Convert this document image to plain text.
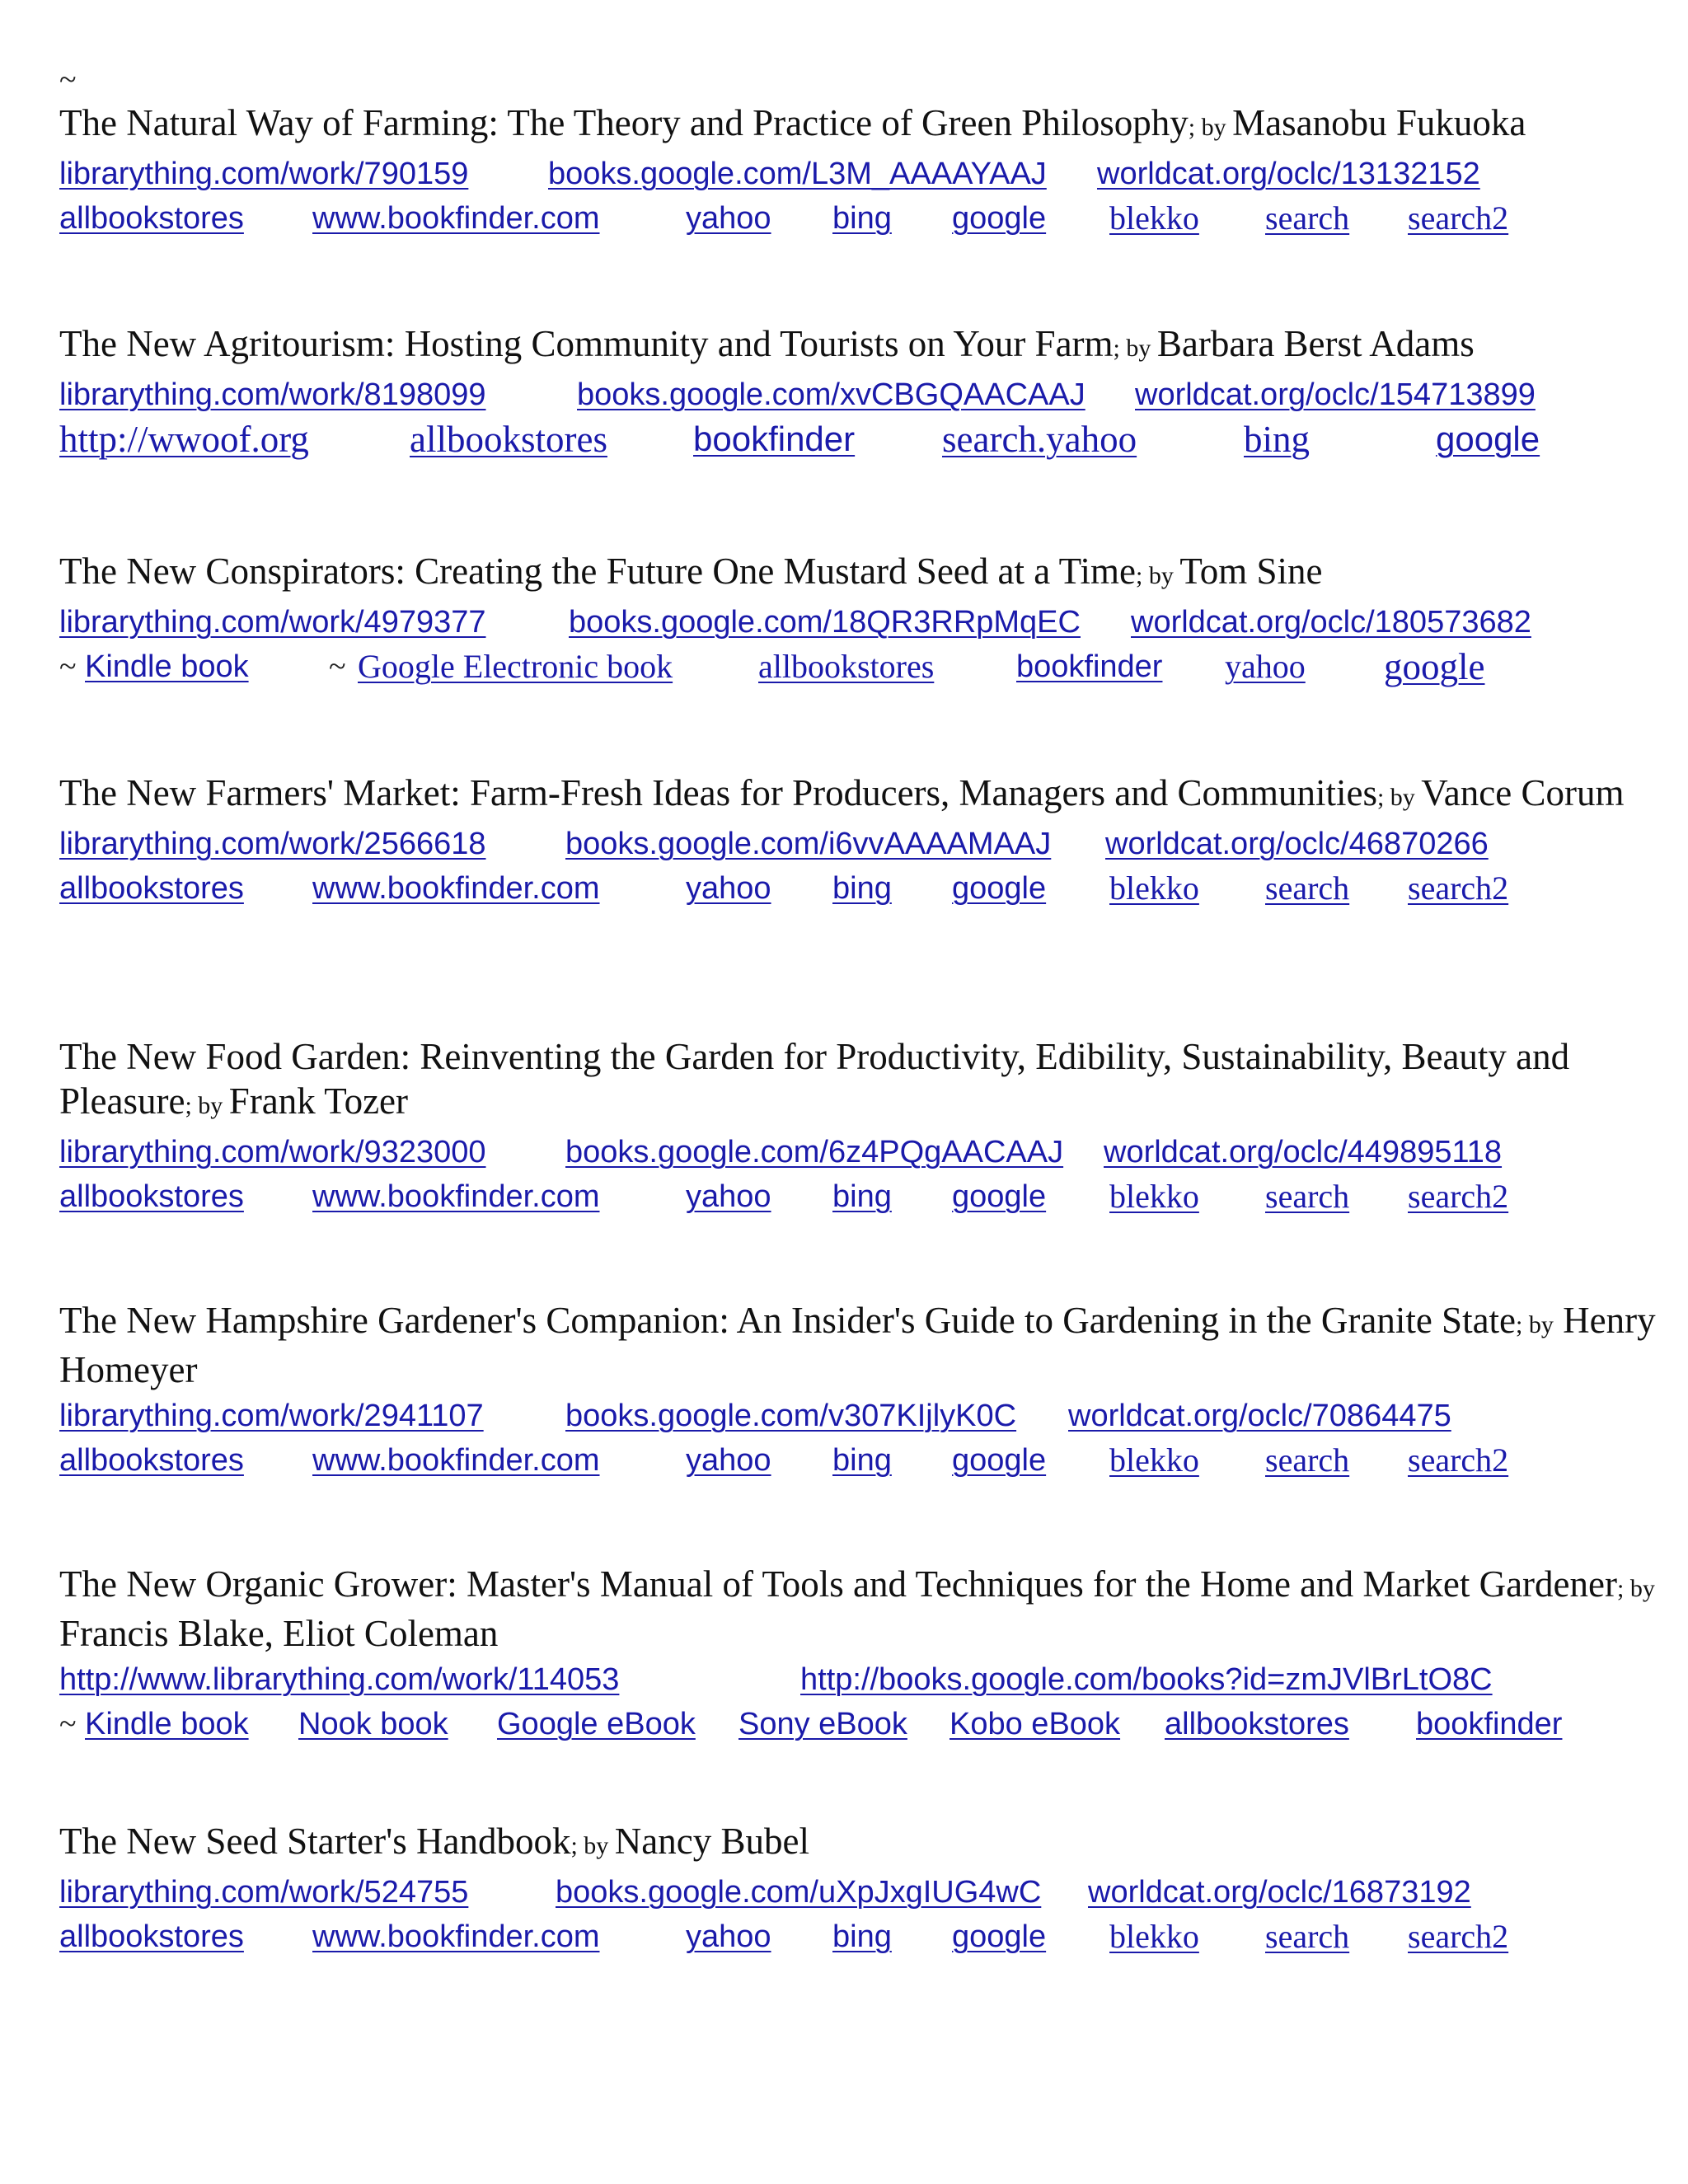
~
The Natural Way of Farming: The Theory and Practice of Green Philosophy; by Masanobu Fukuoka
librarything.com/work/790159	books.google.com/L3M_AAAAYAAJ worldcat.org/oclc/13132152
allbookstores www.bookfinder.com	yahoo bing google blekko search search2
The New Agritourism: Hosting Community and Tourists on Your Farm; by Barbara Berst Adams
librarything.com/work/8198099	books.google.com/xvCBGQAACAAJ worldcat.org/oclc/154713899
http://wwoof.org	allbookstores bookfinder search.yahoo	bing	google
The New Conspirators: Creating the Future One Mustard Seed at a Time; by Tom Sine
librarything.com/work/4979377	books.google.com/18QR3RRpMqEC worldcat.org/oclc/180573682
~ Kindle book	~ Google Electronic book	allbookstores	bookfinder yahoo google
The New Farmers' Market: Farm-Fresh Ideas for Producers, Managers and Communities; by Vance Corum
librarything.com/work/2566618	books.google.com/i6vvAAAAMAAJ worldcat.org/oclc/46870266
allbookstores www.bookfinder.com	yahoo bing google blekko search search2
The New Food Garden: Reinventing the Garden for Productivity, Edibility, Sustainability, Beauty and Pleasure; by Frank Tozer
librarything.com/work/9323000	books.google.com/6z4PQgAACAAJ worldcat.org/oclc/449895118
allbookstores www.bookfinder.com	yahoo bing google blekko search search2
The New Hampshire Gardener's Companion: An Insider's Guide to Gardening in the Granite State; by Henry Homeyer
librarything.com/work/2941107	books.google.com/v307KIjlyK0C worldcat.org/oclc/70864475
allbookstores www.bookfinder.com	yahoo bing google blekko search search2
The New Organic Grower: Master's Manual of Tools and Techniques for the Home and Market Gardener; by Francis Blake, Eliot Coleman
http://www.librarything.com/work/114053	http://books.google.com/books?id=zmJVlBrLtO8C
~ Kindle book Nook book Google eBook Sony eBook Kobo eBook allbookstores bookfinder
The New Seed Starter's Handbook; by Nancy Bubel
librarything.com/work/524755	books.google.com/uXpJxgIUG4wC worldcat.org/oclc/16873192
allbookstores www.bookfinder.com	yahoo bing google blekko search search2
